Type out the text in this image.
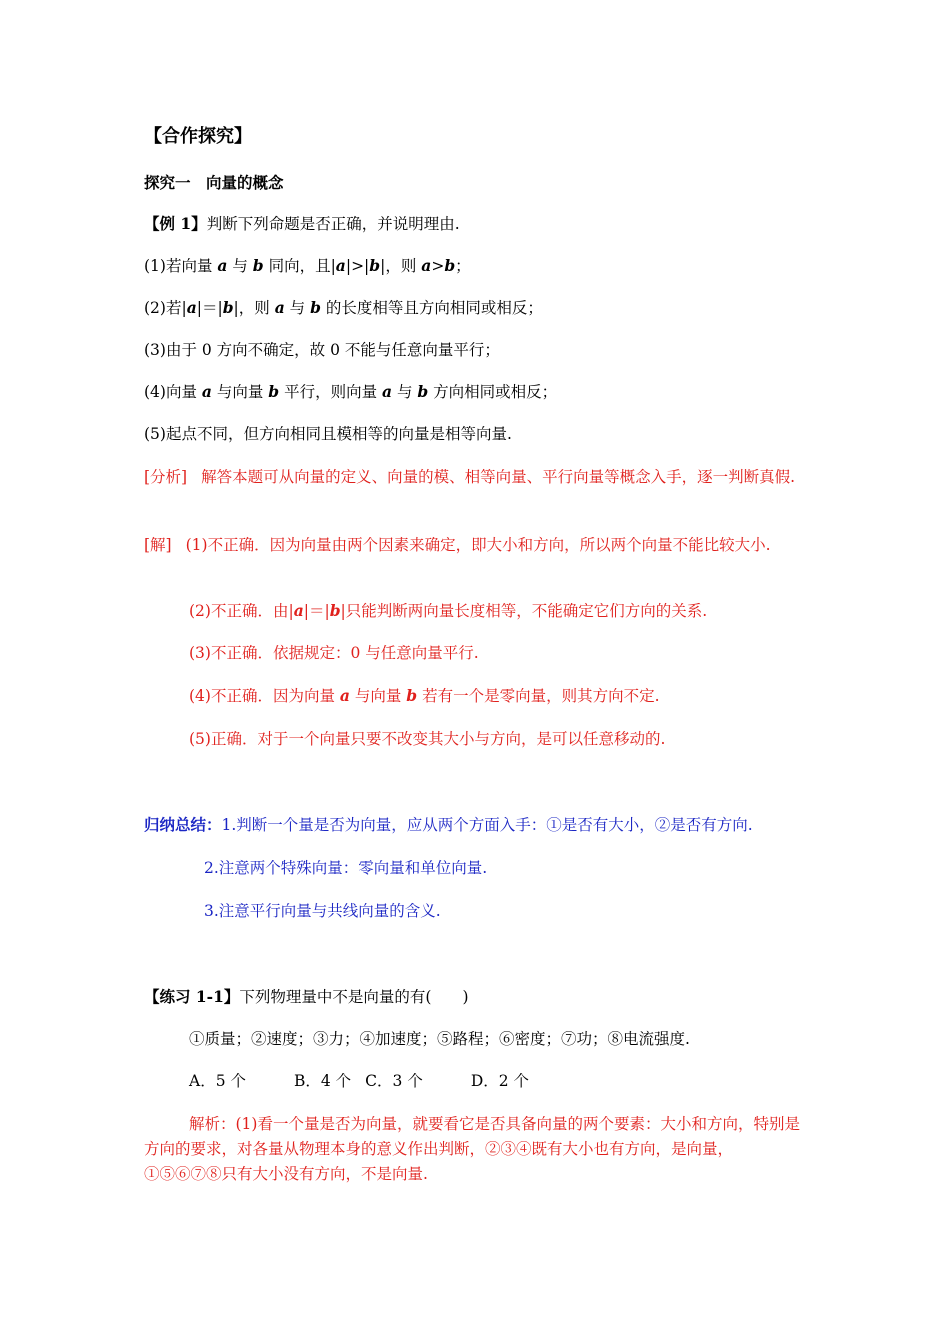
【合作探究】
探究一　向量的概念
【例 1】判断下列命题是否正确，并说明理由.
(1)若向量 a 与 b 同向，且|a|>|b|，则 a>b；
(2)若|a|＝|b|，则 a 与 b 的长度相等且方向相同或相反；
(3)由于 0 方向不确定，故 0 不能与任意向量平行；
(4)向量 a 与向量 b 平行，则向量 a 与 b 方向相同或相反；
(5)起点不同，但方向相同且模相等的向量是相等向量.
[分析] 解答本题可从向量的定义、向量的模、相等向量、平行向量等概念入手，逐一判断真假.
[解] (1)不正确．因为向量由两个因素来确定，即大小和方向，所以两个向量不能比较大小.
(2)不正确．由|a|＝|b|只能判断两向量长度相等，不能确定它们方向的关系.
(3)不正确．依据规定：0 与任意向量平行.
(4)不正确．因为向量 a 与向量 b 若有一个是零向量，则其方向不定.
(5)正确．对于一个向量只要不改变其大小与方向，是可以任意移动的.
归纳总结：1.判断一个量是否为向量，应从两个方面入手：①是否有大小，②是否有方向.
2.注意两个特殊向量：零向量和单位向量.
3.注意平行向量与共线向量的含义.
【练习 1-1】下列物理量中不是向量的有(　　)
①质量；②速度；③力；④加速度；⑤路程；⑥密度；⑦功；⑧电流强度.
A．5 个	B．4 个 C．3 个	D．2 个
解析：(1)看一个量是否为向量，就要看它是否具备向量的两个要素：大小和方向，特别是方向的要求，对各量从物理本身的意义作出判断，②③④既有大小也有方向，是向量，①⑤⑥⑦⑧只有大小没有方向，不是向量.
